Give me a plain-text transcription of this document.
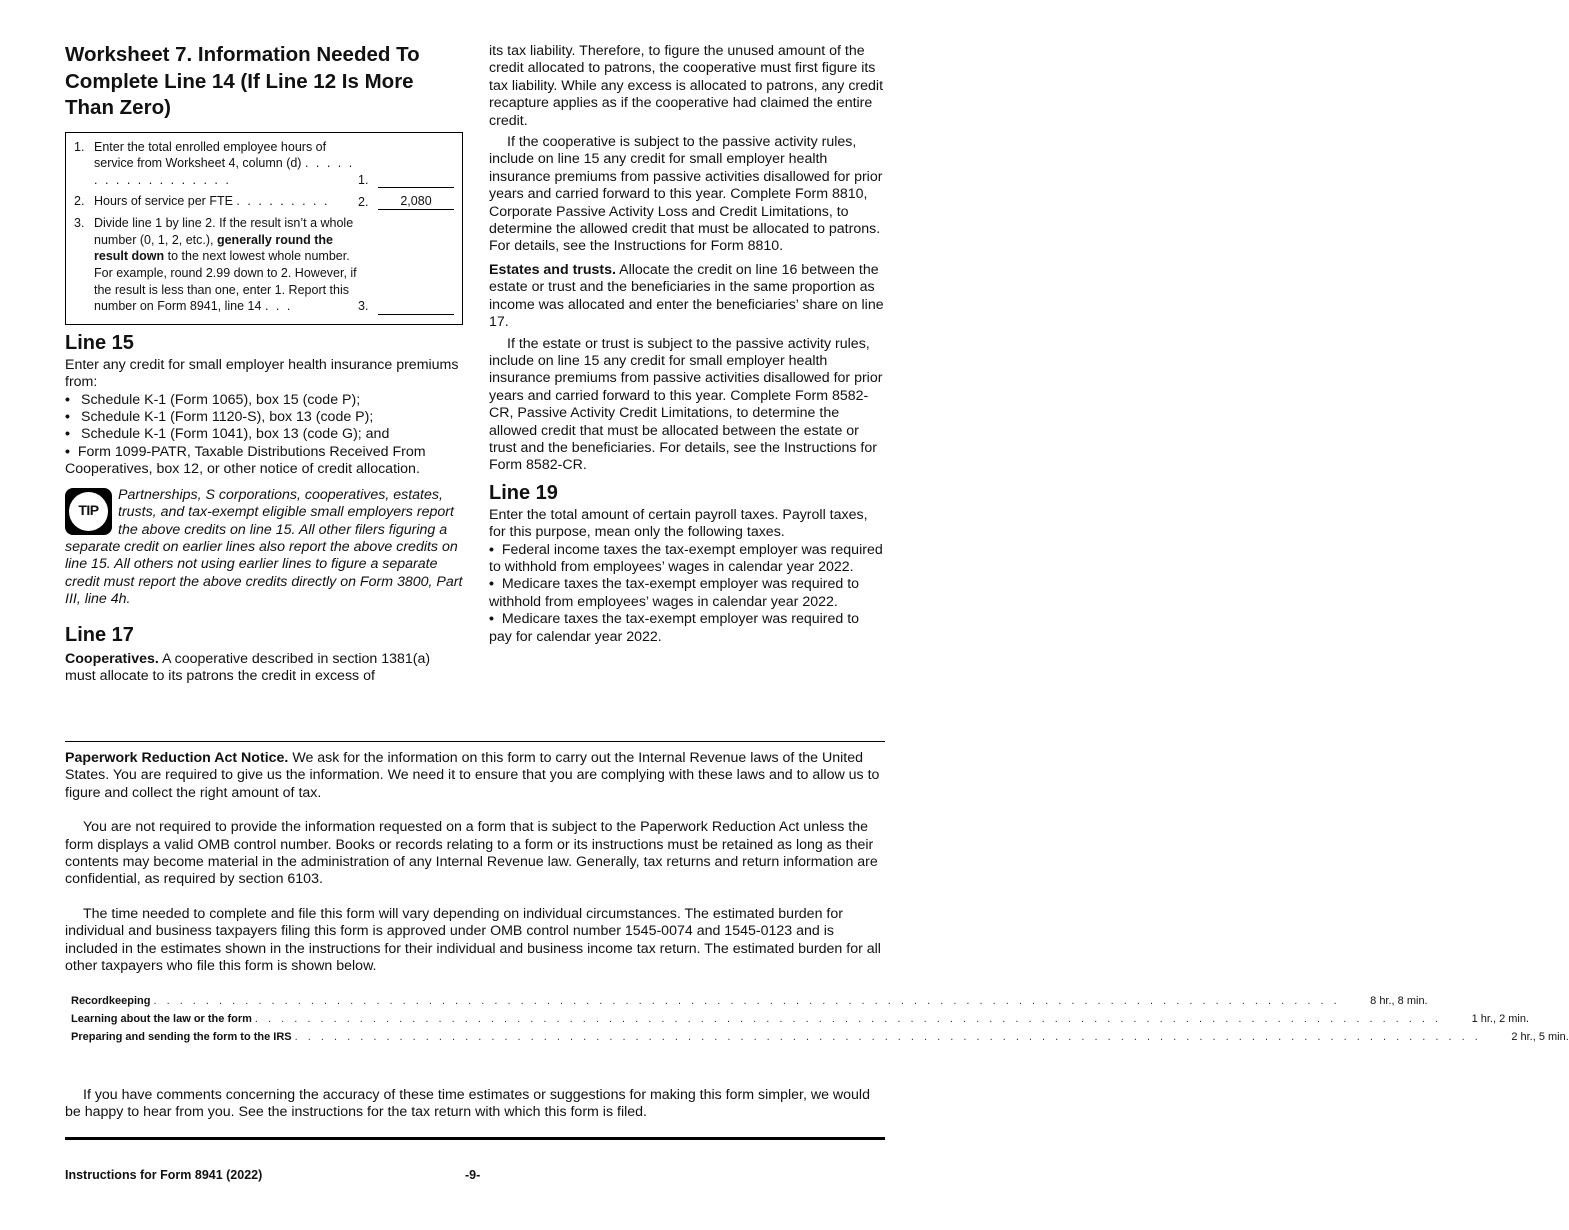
Worksheet 7. Information Needed To Complete Line 14 (If Line 12 Is More Than Zero)
1. Enter the total enrolled employee hours of service from Worksheet 4, column (d) . . . . . . . . . . . . . . . . . .	1.
2. Hours of service per FTE . . . . . . . . .	2.	2,080
3. Divide line 1 by line 2. If the result isn’t a whole number (0, 1, 2, etc.), generally round the result down to the next lowest whole number. For example, round 2.99 down to 2. However, if the result is less than one, enter 1. Report this number on Form 8941, line 14 . . .	3.
Line 15

Enter any credit for small employer health insurance premiums from:

• Schedule K-1 (Form 1065), box 15 (code P);
• Schedule K-1 (Form 1120-S), box 13 (code P);
• Schedule K-1 (Form 1041), box 13 (code G); and

• Form 1099-PATR, Taxable Distributions Received From Cooperatives, box 12, or other notice of credit allocation.

TIP
Partnerships, S corporations, cooperatives, estates, trusts, and tax-exempt eligible small employers report the above credits on line 15. All other filers figuring a separate credit on earlier lines also report the above credits on line 15. All others not using earlier lines to figure a separate credit must report the above credits directly on Form 3800, Part III, line 4h.
Line 17

Cooperatives. A cooperative described in section 1381(a) must allocate to its patrons the credit in excess of

its tax liability. Therefore, to figure the unused amount of the credit allocated to patrons, the cooperative must first figure its tax liability. While any excess is allocated to patrons, any credit recapture applies as if the cooperative had claimed the entire credit.

If the cooperative is subject to the passive activity rules, include on line 15 any credit for small employer health insurance premiums from passive activities disallowed for prior years and carried forward to this year. Complete Form 8810, Corporate Passive Activity Loss and Credit Limitations, to determine the allowed credit that must be allocated to patrons. For details, see the Instructions for Form 8810.

Estates and trusts. Allocate the credit on line 16 between the estate or trust and the beneficiaries in the same proportion as income was allocated and enter the beneficiaries’ share on line 17.

If the estate or trust is subject to the passive activity rules, include on line 15 any credit for small employer health insurance premiums from passive activities disallowed for prior years and carried forward to this year. Complete Form 8582-CR, Passive Activity Credit Limitations, to determine the allowed credit that must be allocated between the estate or trust and the beneficiaries. For details, see the Instructions for Form 8582-CR.

Line 19

Enter the total amount of certain payroll taxes. Payroll taxes, for this purpose, mean only the following taxes.

• Federal income taxes the tax-exempt employer was required to withhold from employees’ wages in calendar year 2022.

• Medicare taxes the tax-exempt employer was required to withhold from employees’ wages in calendar year 2022.

• Medicare taxes the tax-exempt employer was required to pay for calendar year 2022.

Paperwork Reduction Act Notice. We ask for the information on this form to carry out the Internal Revenue laws of the United States. You are required to give us the information. We need it to ensure that you are complying with these laws and to allow us to figure and collect the right amount of tax.

You are not required to provide the information requested on a form that is subject to the Paperwork Reduction Act unless the form displays a valid OMB control number. Books or records relating to a form or its instructions must be retained as long as their contents may become material in the administration of any Internal Revenue law. Generally, tax returns and return information are confidential, as required by section 6103.

The time needed to complete and file this form will vary depending on individual circumstances. The estimated burden for individual and business taxpayers filing this form is approved under OMB control number 1545-0074 and 1545-0123 and is included in the estimates shown in the instructions for their individual and business income tax return. The estimated burden for all other taxpayers who file this form is shown below.

Recordkeeping . . . . . . . . . . . . . . . . . . . . . . . . . . . . . . . . . . . . . . . . . . . . . . . . . . . . . . . . . . . . . . . . . . . . . . . . . . . . . . . . . . . . . . . . . . .	8 hr., 8 min.
Learning about the law or the form . . . . . . . . . . . . . . . . . . . . . . . . . . . . . . . . . . . . . . . . . . . . . . . . . . . . . . . . . . . . . . . . . . . . . . . . . . . . . . . . . . . . . . . . . . .	1 hr., 2 min.
Preparing and sending the form to the IRS . . . . . . . . . . . . . . . . . . . . . . . . . . . . . . . . . . . . . . . . . . . . . . . . . . . . . . . . . . . . . . . . . . . . . . . . . . . . . . . . . . . . . . . . . . .	2 hr., 5 min.

If you have comments concerning the accuracy of these time estimates or suggestions for making this form simpler, we would be happy to hear from you. See the instructions for the tax return with which this form is filed.

Instructions for Form 8941 (2022)	-9-
